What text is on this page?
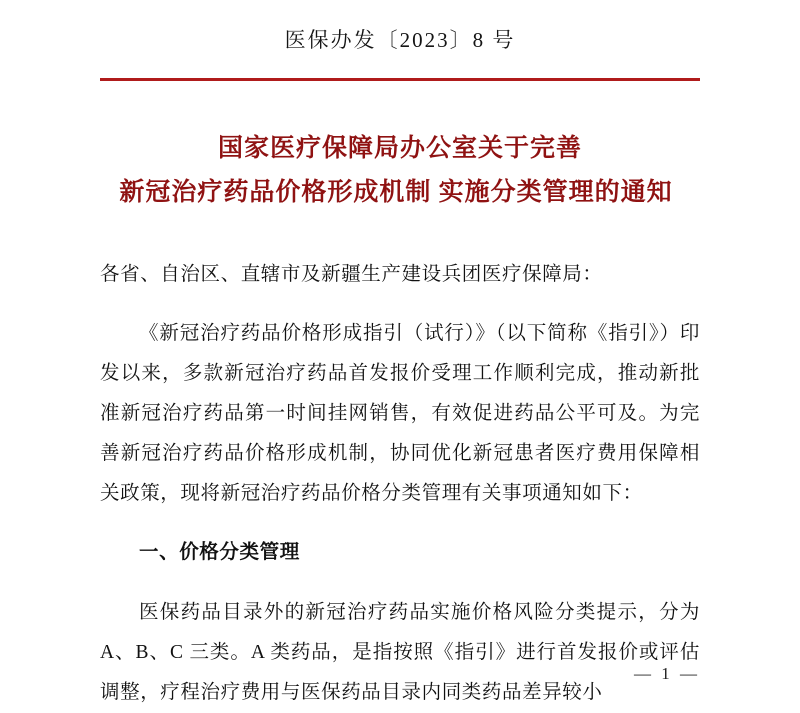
医保办发〔2023〕8 号
国家医疗保障局办公室关于完善
新冠治疗药品价格形成机制 实施分类管理的通知

各省、自治区、直辖市及新疆生产建设兵团医疗保障局：

《新冠治疗药品价格形成指引（试行）》（以下简称《指引》）印发以来，多款新冠治疗药品首发报价受理工作顺利完成，推动新批准新冠治疗药品第一时间挂网销售，有效促进药品公平可及。为完善新冠治疗药品价格形成机制，协同优化新冠患者医疗费用保障相关政策，现将新冠治疗药品价格分类管理有关事项通知如下：

一、价格分类管理

医保药品目录外的新冠治疗药品实施价格风险分类提示，分为 A、B、C 三类。A 类药品，是指按照《指引》进行首发报价或评估调整，疗程治疗费用与医保药品目录内同类药品差异较小

— 1 —
